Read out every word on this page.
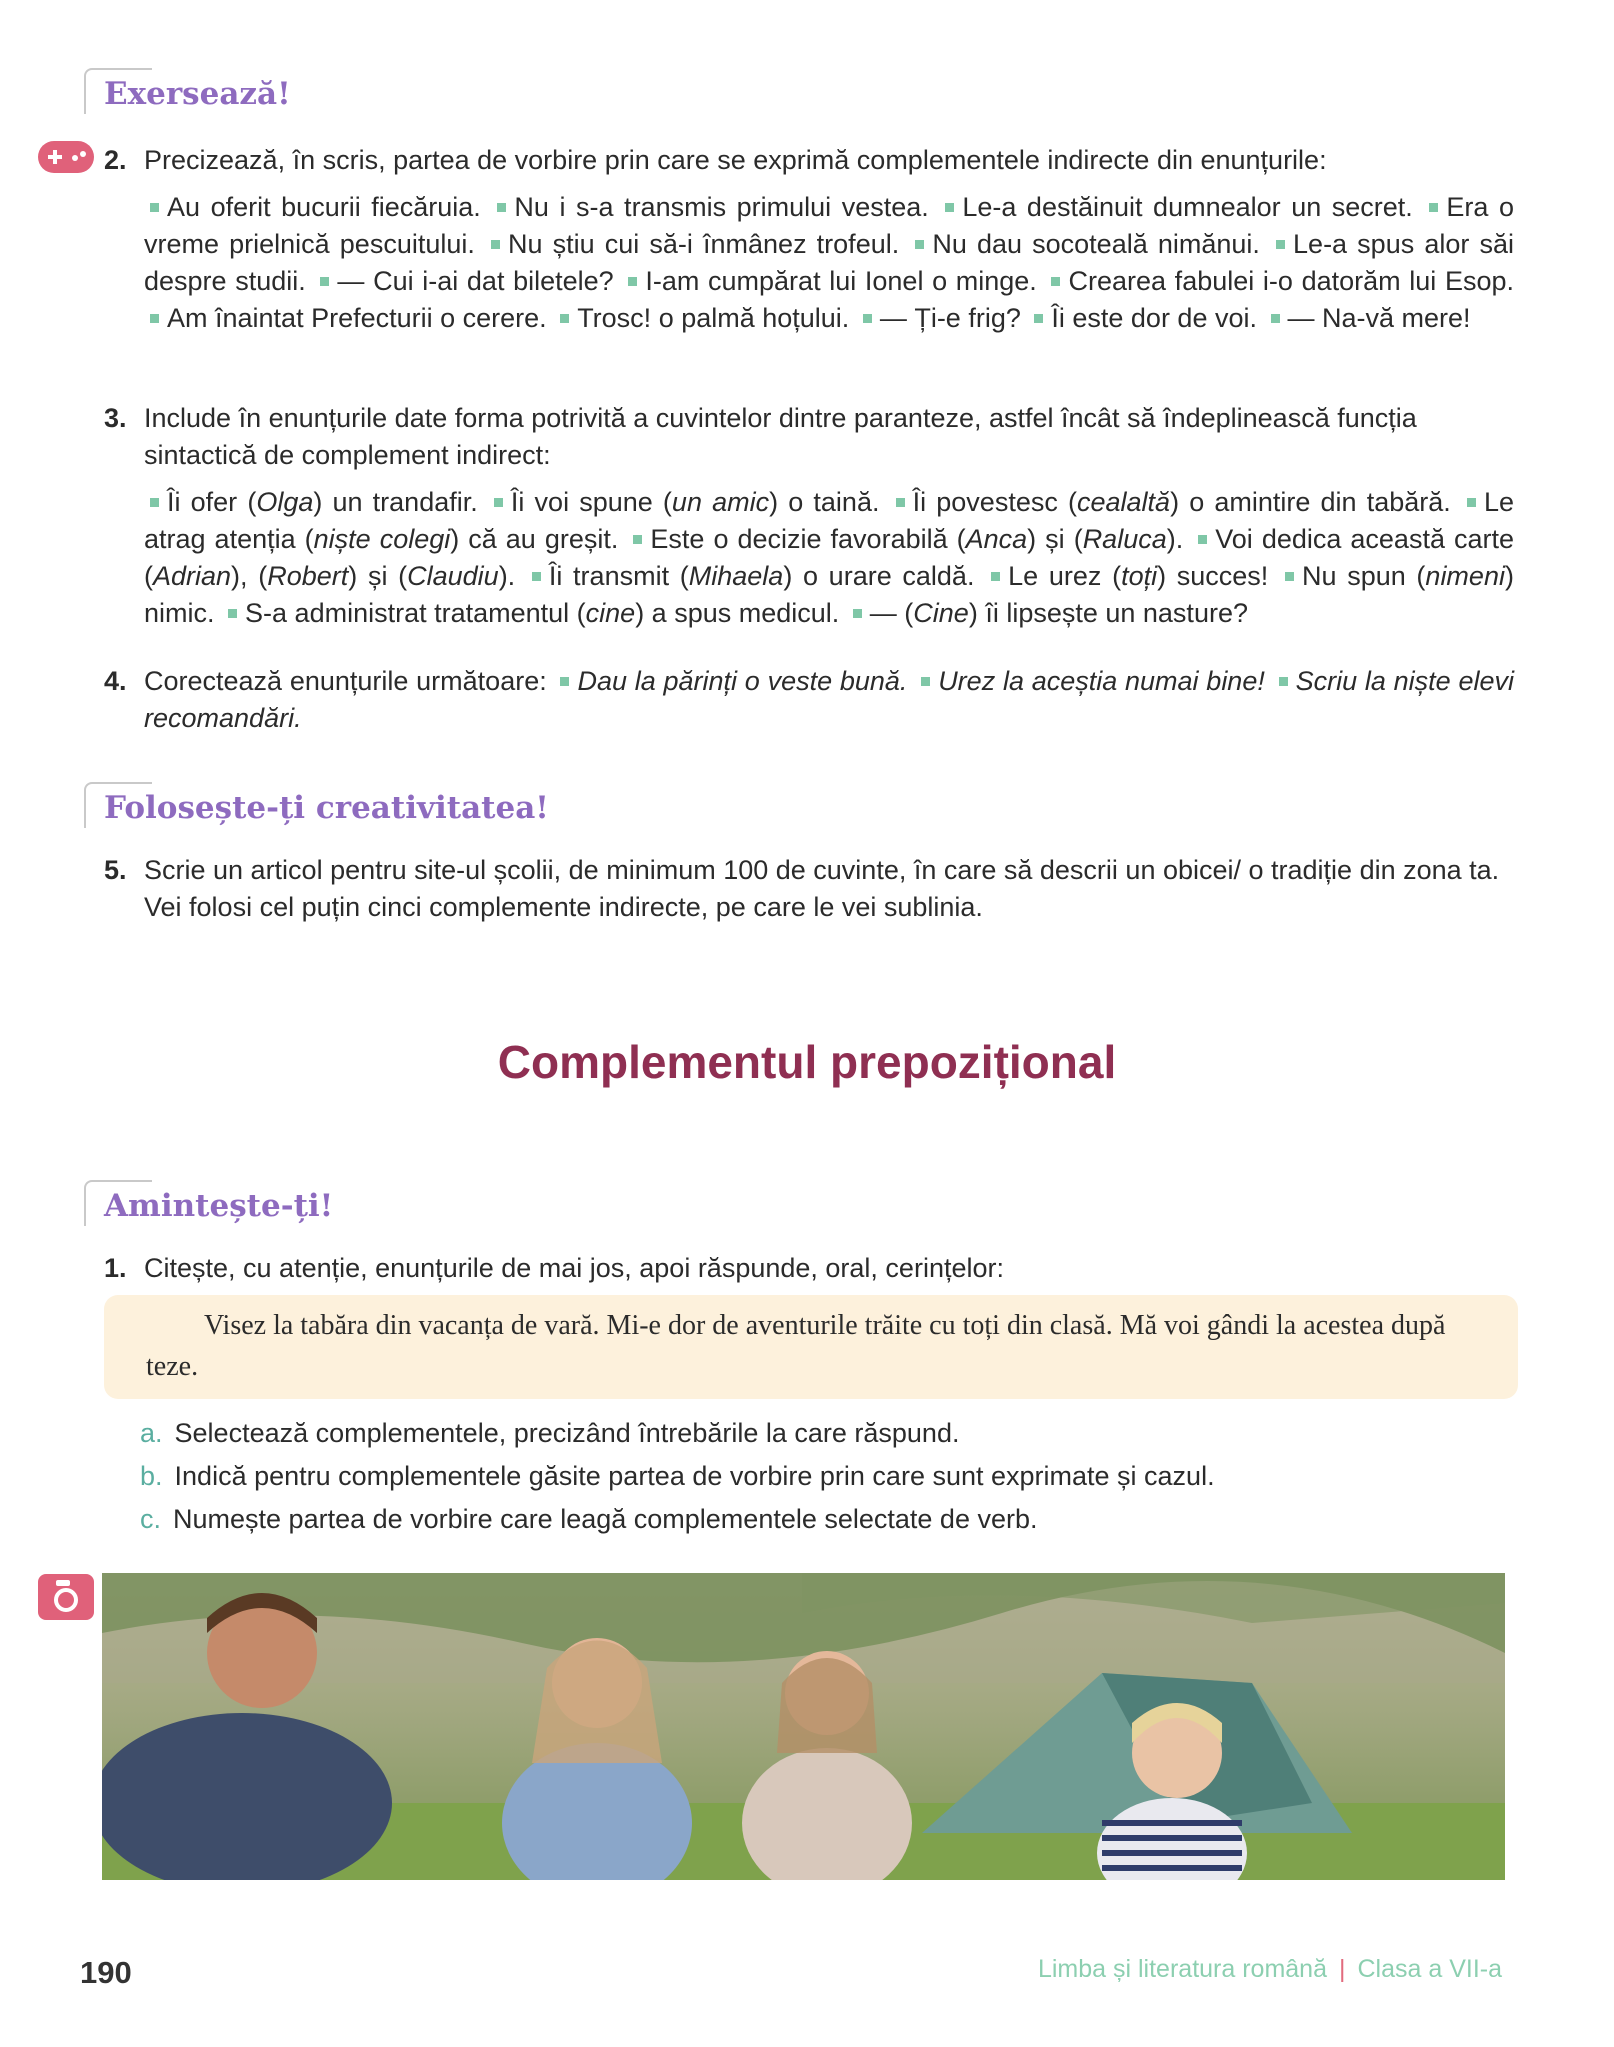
Exersează!
2. Precizează, în scris, partea de vorbire prin care se exprimă complementele indirecte din enunțurile:
Au oferit bucurii fiecăruia. Nu i s-a transmis primului vestea. Le-a destăinuit dumnealor un secret. Era o vreme prielnică pescuitului. Nu știu cui să-i înmânez trofeul. Nu dau socoteală nimănui. Le-a spus alor săi despre studii. — Cui i-ai dat biletele? I-am cumpărat lui Ionel o minge. Crearea fabulei i-o datorăm lui Esop. Am înaintat Prefecturii o cerere. Trosc! o palmă hoțului. — Ți-e frig? Îi este dor de voi. — Na-vă mere!
3. Include în enunțurile date forma potrivită a cuvintelor dintre paranteze, astfel încât să îndeplinească funcția sintactică de complement indirect:
Îi ofer (Olga) un trandafir. Îi voi spune (un amic) o taină. Îi povestesc (cealaltă) o amintire din tabără. Le atrag atenția (niște colegi) că au greșit. Este o decizie favorabilă (Anca) și (Raluca). Voi dedica această carte (Adrian), (Robert) și (Claudiu). Îi transmit (Mihaela) o urare caldă. Le urez (toți) succes! Nu spun (nimeni) nimic. S-a administrat tratamentul (cine) a spus medicul. — (Cine) îi lipsește un nasture?
4. Corectează enunțurile următoare: Dau la părinți o veste bună. Urez la aceștia numai bine! Scriu la niște elevi recomandări.
Folosește-ți creativitatea!
5. Scrie un articol pentru site-ul școlii, de minimum 100 de cuvinte, în care să descrii un obicei/ o tradiție din zona ta. Vei folosi cel puțin cinci complemente indirecte, pe care le vei sublinia.
Complementul prepozițional
Amintește-ți!
1. Citește, cu atenție, enunțurile de mai jos, apoi răspunde, oral, cerințelor:

Visez la tabăra din vacanța de vară. Mi-e dor de aventurile trăite cu toți din clasă. Mă voi gândi la acestea după teze.

a. Selectează complementele, precizând întrebările la care răspund.
b. Indică pentru complementele găsite partea de vorbire prin care sunt exprimate și cazul.
c. Numește partea de vorbire care leagă complementele selectate de verb.
190	Limba și literatura română | Clasa a VII-a
